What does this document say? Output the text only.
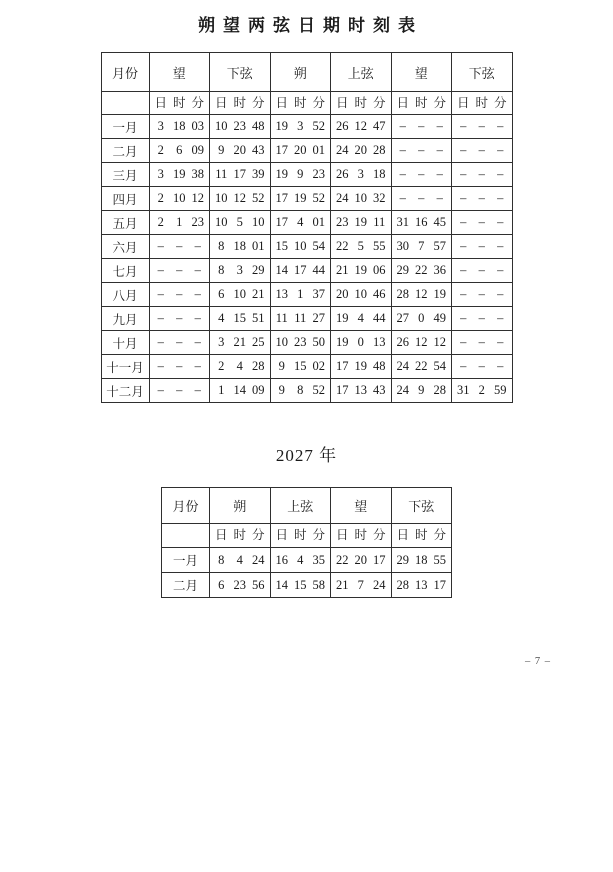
朔望两弦日期时刻表
月份	望	下弦	朔	上弦	望	下弦

	日 时 分	日 时 分	日 时 分	日 时 分	日 时 分	日 时 分

一月	3 18 03	10 23 48	19 3 52	26 12 47	– – –	– – –

二月	2 6 09	9 20 43	17 20 01	24 20 28	– – –	– – –

三月	3 19 38	11 17 39	19 9 23	26 3 18	– – –	– – –

四月	2 10 12	10 12 52	17 19 52	24 10 32	– – –	– – –

五月	2 1 23	10 5 10	17 4 01	23 19 11	31 16 45	– – –

六月	– – –	8 18 01	15 10 54	22 5 55	30 7 57	– – –

七月	– – –	8 3 29	14 17 44	21 19 06	29 22 36	– – –

八月	– – –	6 10 21	13 1 37	20 10 46	28 12 19	– – –

九月	– – –	4 15 51	11 11 27	19 4 44	27 0 49	– – –

十月	– – –	3 21 25	10 23 50	19 0 13	26 12 12	– – –

十一月	– – –	2 4 28	9 15 02	17 19 48	24 22 54	– – –

十二月	– – –	1 14 09	9 8 52	17 13 43	24 9 28	31 2 59
2027 年
月份	朔	上弦	望	下弦

	日 时 分	日 时 分	日 时 分	日 时 分

一月	8 4 24	16 4 35	22 20 17	29 18 55

二月	6 23 56	14 15 58	21 7 24	28 13 17
– 7 –
